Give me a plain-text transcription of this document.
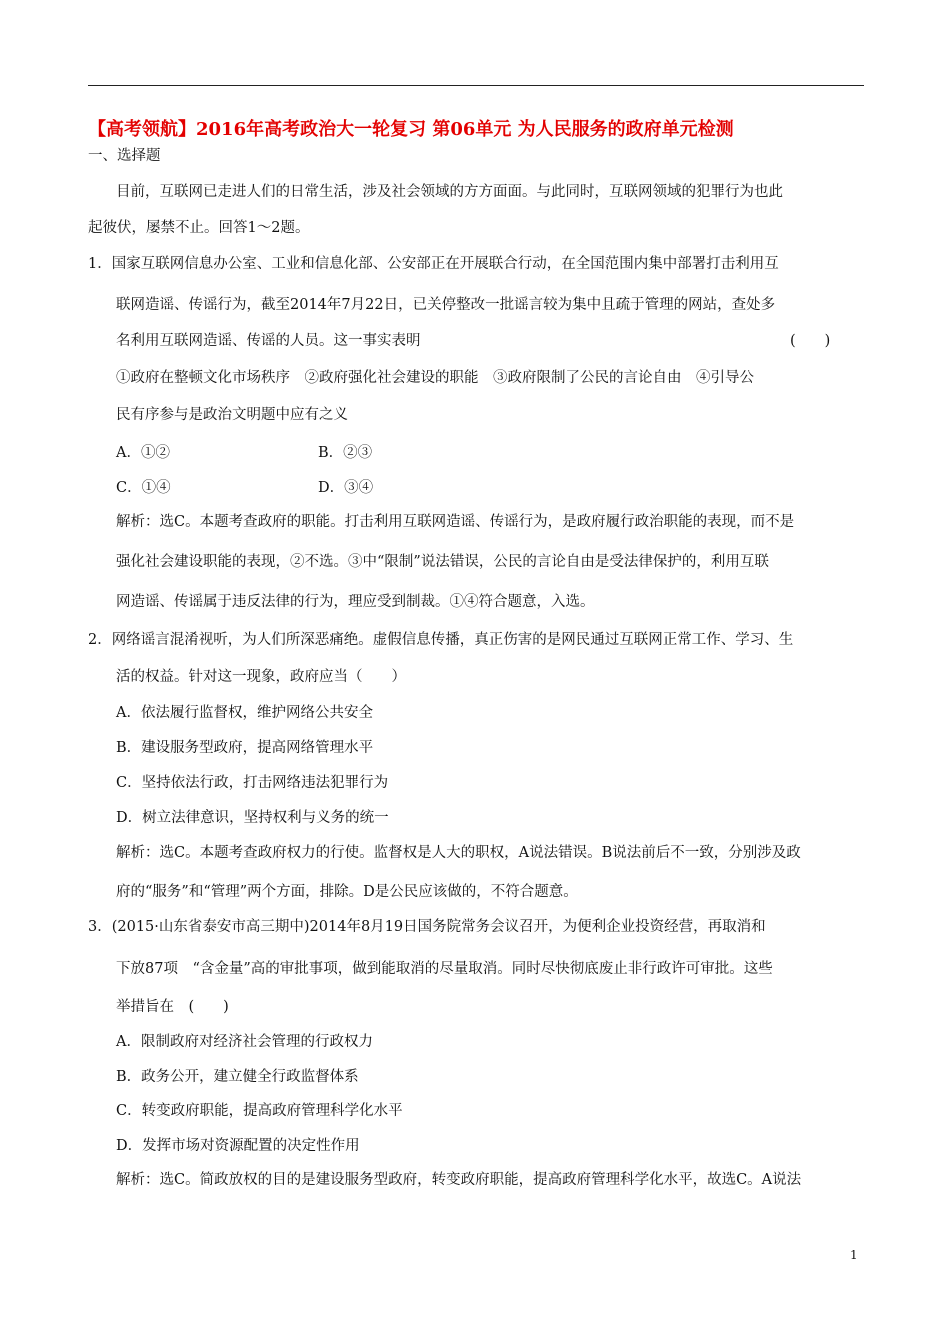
【高考领航】2016年高考政治大一轮复习 第06单元 为人民服务的政府单元检测
一、选择题
目前，互联网已走进人们的日常生活，涉及社会领域的方方面面。与此同时，互联网领域的犯罪行为也此
起彼伏，屡禁不止。回答1～2题。
1．国家互联网信息办公室、工业和信息化部、公安部正在开展联合行动，在全国范围内集中部署打击利用互
联网造谣、传谣行为，截至2014年7月22日，已关停整改一批谣言较为集中且疏于管理的网站，查处多
名利用互联网造谣、传谣的人员。这一事实表明	(　　)
①政府在整顿文化市场秩序　②政府强化社会建设的职能　③政府限制了公民的言论自由　④引导公
民有序参与是政治文明题中应有之义
A．①②	B．②③
C．①④	D．③④
解析：选C。本题考查政府的职能。打击利用互联网造谣、传谣行为，是政府履行政治职能的表现，而不是
强化社会建设职能的表现，②不选。③中“限制”说法错误，公民的言论自由是受法律保护的，利用互联
网造谣、传谣属于违反法律的行为，理应受到制裁。①④符合题意，入选。
2．网络谣言混淆视听，为人们所深恶痛绝。虚假信息传播，真正伤害的是网民通过互联网正常工作、学习、生
活的权益。针对这一现象，政府应当（　　）
A．依法履行监督权，维护网络公共安全
B．建设服务型政府，提高网络管理水平
C．坚持依法行政，打击网络违法犯罪行为
D．树立法律意识，坚持权利与义务的统一
解析：选C。本题考查政府权力的行使。监督权是人大的职权，A说法错误。B说法前后不一致，分别涉及政
府的“服务”和“管理”两个方面，排除。D是公民应该做的，不符合题意。
3．(2015·山东省泰安市高三期中)2014年8月19日国务院常务会议召开，为便利企业投资经营，再取消和
下放87项　“含金量”高的审批事项，做到能取消的尽量取消。同时尽快彻底废止非行政许可审批。这些
举措旨在　(　　)
A．限制政府对经济社会管理的行政权力
B．政务公开，建立健全行政监督体系
C．转变政府职能，提高政府管理科学化水平
D．发挥市场对资源配置的决定性作用
解析：选C。简政放权的目的是建设服务型政府，转变政府职能，提高政府管理科学化水平，故选C。A说法
1
